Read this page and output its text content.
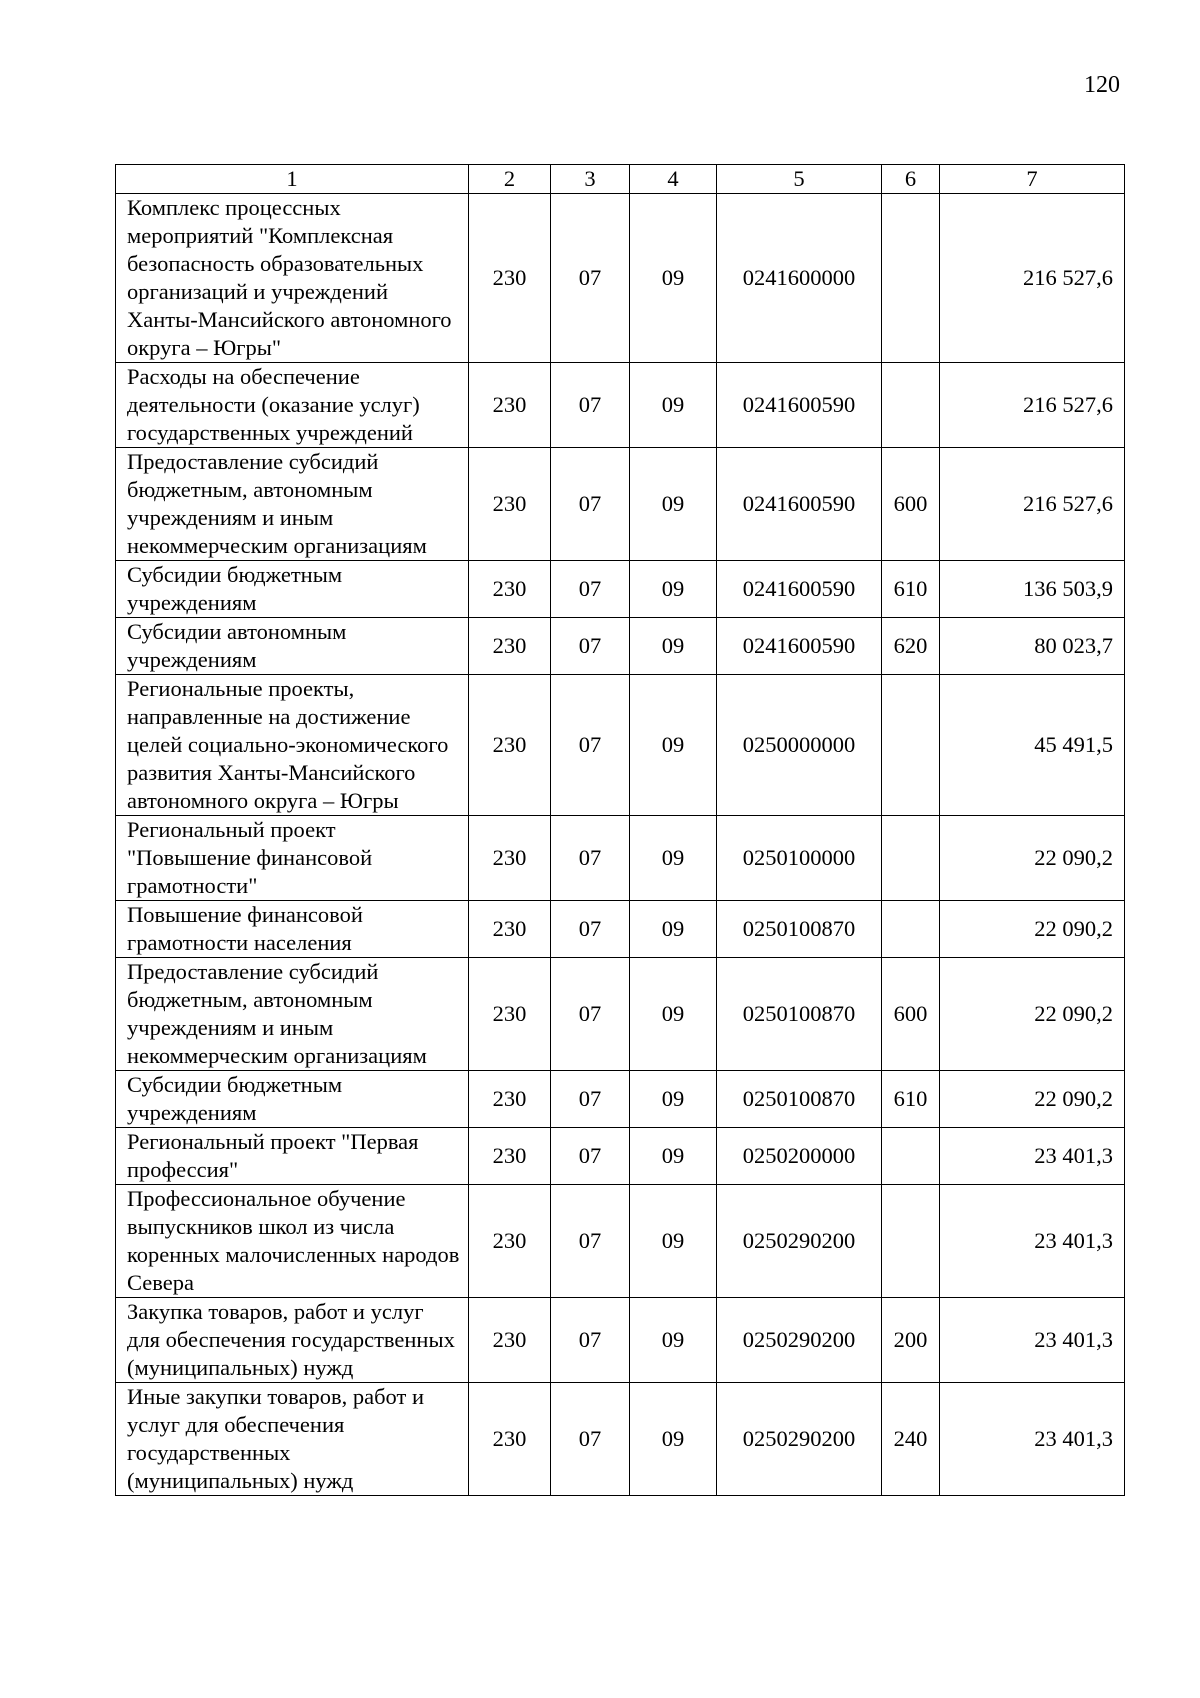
120
1	2	3	4	5	6	7
Комплекс процессных мероприятий "Комплексная безопасность образовательных организаций и учреждений Ханты-Мансийского автономного округа – Югры"	230	07	09	0241600000		216 527,6
Расходы на обеспечение деятельности (оказание услуг) государственных учреждений	230	07	09	0241600590		216 527,6
Предоставление субсидий бюджетным, автономным учреждениям и иным некоммерческим организациям	230	07	09	0241600590	600	216 527,6
Субсидии бюджетным учреждениям	230	07	09	0241600590	610	136 503,9
Субсидии автономным учреждениям	230	07	09	0241600590	620	80 023,7
Региональные проекты, направленные на достижение целей социально-экономического развития Ханты-Мансийского автономного округа – Югры	230	07	09	0250000000		45 491,5
Региональный проект "Повышение финансовой грамотности"	230	07	09	0250100000		22 090,2
Повышение финансовой грамотности населения	230	07	09	0250100870		22 090,2
Предоставление субсидий бюджетным, автономным учреждениям и иным некоммерческим организациям	230	07	09	0250100870	600	22 090,2
Субсидии бюджетным учреждениям	230	07	09	0250100870	610	22 090,2
Региональный проект "Первая профессия"	230	07	09	0250200000		23 401,3
Профессиональное обучение выпускников школ из числа коренных малочисленных народов Севера	230	07	09	0250290200		23 401,3
Закупка товаров, работ и услуг для обеспечения государственных (муниципальных) нужд	230	07	09	0250290200	200	23 401,3
Иные закупки товаров, работ и услуг для обеспечения государственных (муниципальных) нужд	230	07	09	0250290200	240	23 401,3
